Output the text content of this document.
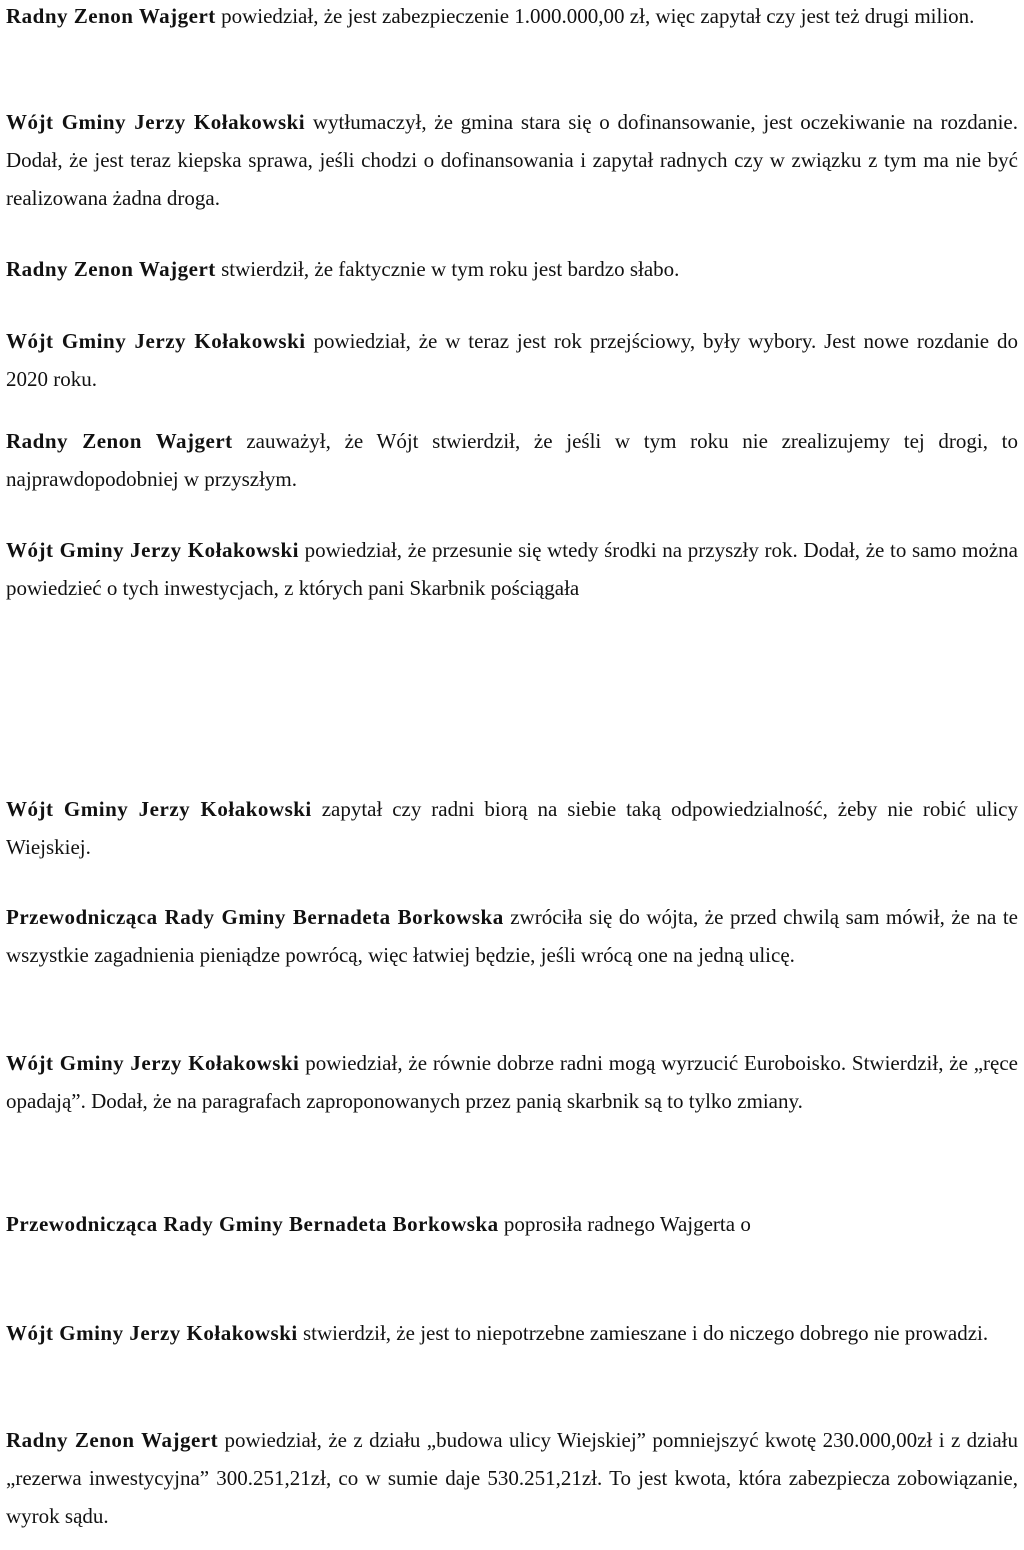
Radny Zenon Wajgert powiedział, że jest zabezpieczenie 1.000.000,00 zł, więc zapytał czy jest też drugi milion.

Wójt Gminy Jerzy Kołakowski wytłumaczył, że gmina stara się o dofinansowanie, jest oczekiwanie na rozdanie. Dodał, że jest teraz kiepska sprawa, jeśli chodzi o dofinansowania i zapytał radnych czy w związku z tym ma nie być realizowana żadna droga.

Radny Zenon Wajgert stwierdził, że faktycznie w tym roku jest bardzo słabo.

Wójt Gminy Jerzy Kołakowski powiedział, że w teraz jest rok przejściowy, były wybory. Jest nowe rozdanie do 2020 roku.

Radny Zenon Wajgert zauważył, że Wójt stwierdził, że jeśli w tym roku nie zrealizujemy tej drogi, to najprawdopodobniej w przyszłym.

Wójt Gminy Jerzy Kołakowski powiedział, że przesunie się wtedy środki na przyszły rok. Dodał, że to samo można powiedzieć o tych inwestycjach, z których pani Skarbnik pościągała

Wójt Gminy Jerzy Kołakowski zapytał czy radni biorą na siebie taką odpowiedzialność, żeby nie robić ulicy Wiejskiej.

Przewodnicząca Rady Gminy Bernadeta Borkowska zwróciła się do wójta, że przed chwilą sam mówił, że na te wszystkie zagadnienia pieniądze powrócą, więc łatwiej będzie, jeśli wrócą one na jedną ulicę.

Wójt Gminy Jerzy Kołakowski powiedział, że równie dobrze radni mogą wyrzucić Euroboisko. Stwierdził, że „ręce opadają”. Dodał, że na paragrafach zaproponowanych przez panią skarbnik są to tylko zmiany.

Przewodnicząca Rady Gminy Bernadeta Borkowska poprosiła radnego Wajgerta o

Wójt Gminy Jerzy Kołakowski stwierdził, że jest to niepotrzebne zamieszane i do niczego dobrego nie prowadzi.

Radny Zenon Wajgert powiedział, że z działu „budowa ulicy Wiejskiej” pomniejszyć kwotę 230.000,00zł i z działu „rezerwa inwestycyjna” 300.251,21zł, co w sumie daje 530.251,21zł. To jest kwota, która zabezpiecza zobowiązanie, wyrok sądu.
